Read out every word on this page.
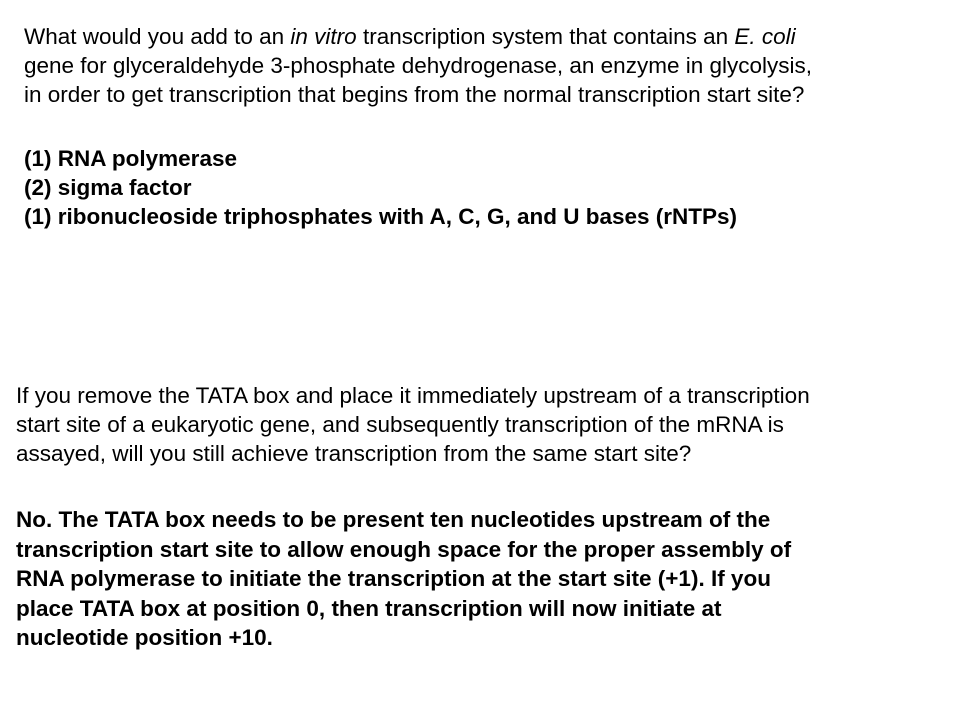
What would you add to an in vitro transcription system that contains an E. coli
gene for glyceraldehyde 3-phosphate dehydrogenase, an enzyme in glycolysis,
in order to get transcription that begins from the normal transcription start site?
(1) RNA polymerase
(2) sigma factor
(1) ribonucleoside triphosphates with A, C, G, and U bases (rNTPs)
If you remove the TATA box and place it immediately upstream of a transcription
start site of a eukaryotic gene, and subsequently transcription of the mRNA is
assayed, will you still achieve transcription from the same start site?
No. The TATA box needs to be present ten nucleotides upstream of the
transcription start site to allow enough space for the proper assembly of
RNA polymerase to initiate the transcription at the start site (+1). If you
place TATA box at position 0, then transcription will now initiate at
nucleotide position +10.
